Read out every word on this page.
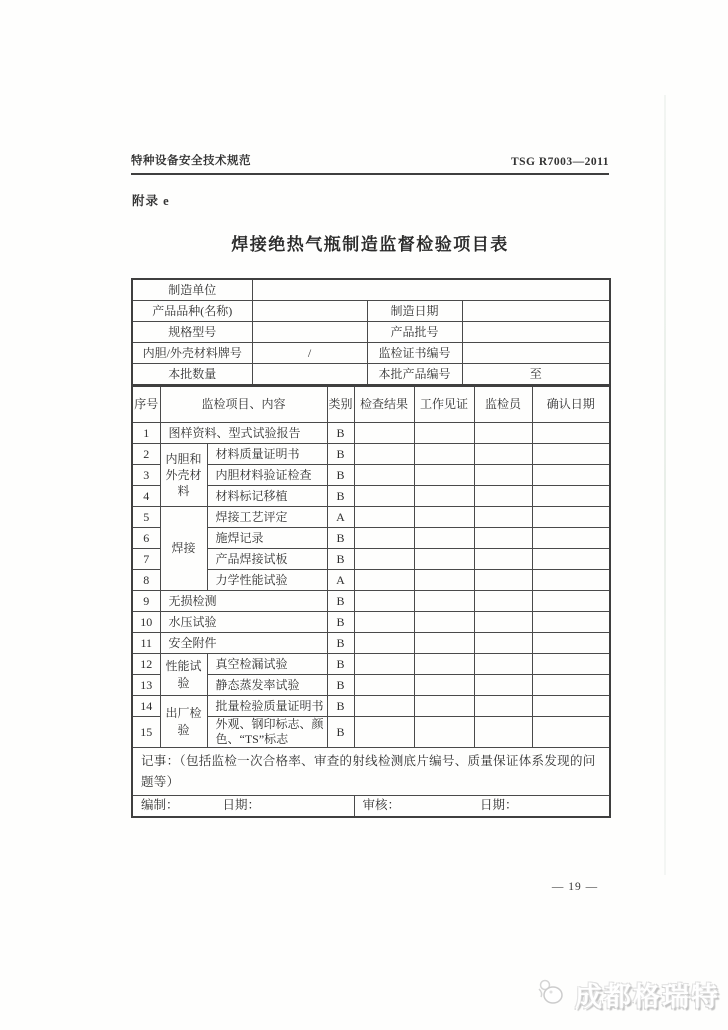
特种设备安全技术规范	TSG R7003—2011
附录 e
焊接绝热气瓶制造监督检验项目表
制造单位			
产品品种(名称)		制造日期	
规格型号		产品批号	
内胆/外壳材料牌号	/	监检证书编号	
本批数量		本批产品编号	至
序号	监检项目、内容		类别	检查结果	工作见证	监检员	确认日期
1	图样资料、型式试验报告		B				
2	内胆和外壳材料	材料质量证明书	B				
3		内胆材料验证检查	B				
4		材料标记移植	B				
5	焊接	焊接工艺评定	A				
6		施焊记录	B				
7		产品焊接试板	B				
8		力学性能试验	A				
9	无损检测		B				
10	水压试验		B				
11	安全附件		B				
12	性能试验	真空检漏试验	B				
13		静态蒸发率试验	B				
14	出厂检验	批量检验质量证明书	B				
15		外观、钢印标志、颜色、“TS”标志	B				
记事：（包括监检一次合格率、审查的射线检测底片编号、质量保证体系发现的问题等）							

编制： 日期：				审核： 日期：			
— 19 —
成都格瑞特
